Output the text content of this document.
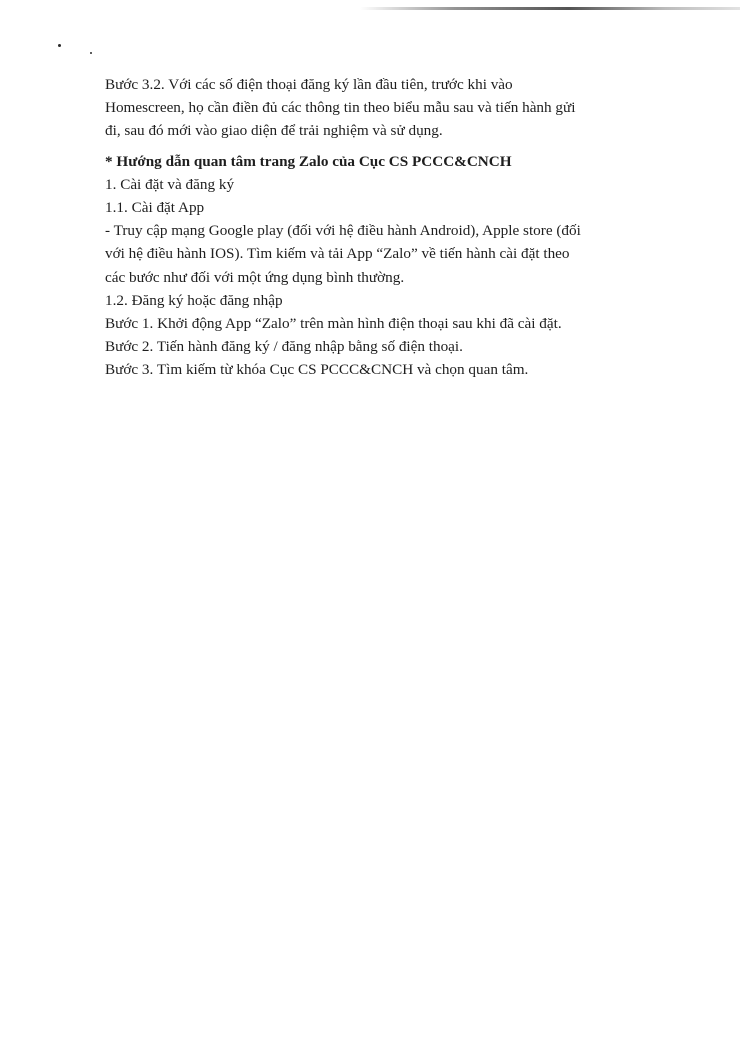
Bước 3.2. Với các số điện thoại đăng ký lần đầu tiên, trước khi vào

Homescreen, họ cần điền đủ các thông tin theo biểu mẫu sau và tiến hành gửi

đi, sau đó mới vào giao diện để trải nghiệm và sử dụng.

* Hướng dẫn quan tâm trang Zalo của Cục CS PCCC&CNCH

1. Cài đặt và đăng ký

1.1. Cài đặt App

- Truy cập mạng Google play (đối với hệ điều hành Android), Apple store (đối

với hệ điều hành IOS). Tìm kiếm và tải App “Zalo” về tiến hành cài đặt theo

các bước như đối với một ứng dụng bình thường.

1.2. Đăng ký hoặc đăng nhập

Bước 1. Khởi động App “Zalo” trên màn hình điện thoại sau khi đã cài đặt.

Bước 2. Tiến hành đăng ký / đăng nhập bằng số điện thoại.

Bước 3. Tìm kiếm từ khóa Cục CS PCCC&CNCH và chọn quan tâm.
